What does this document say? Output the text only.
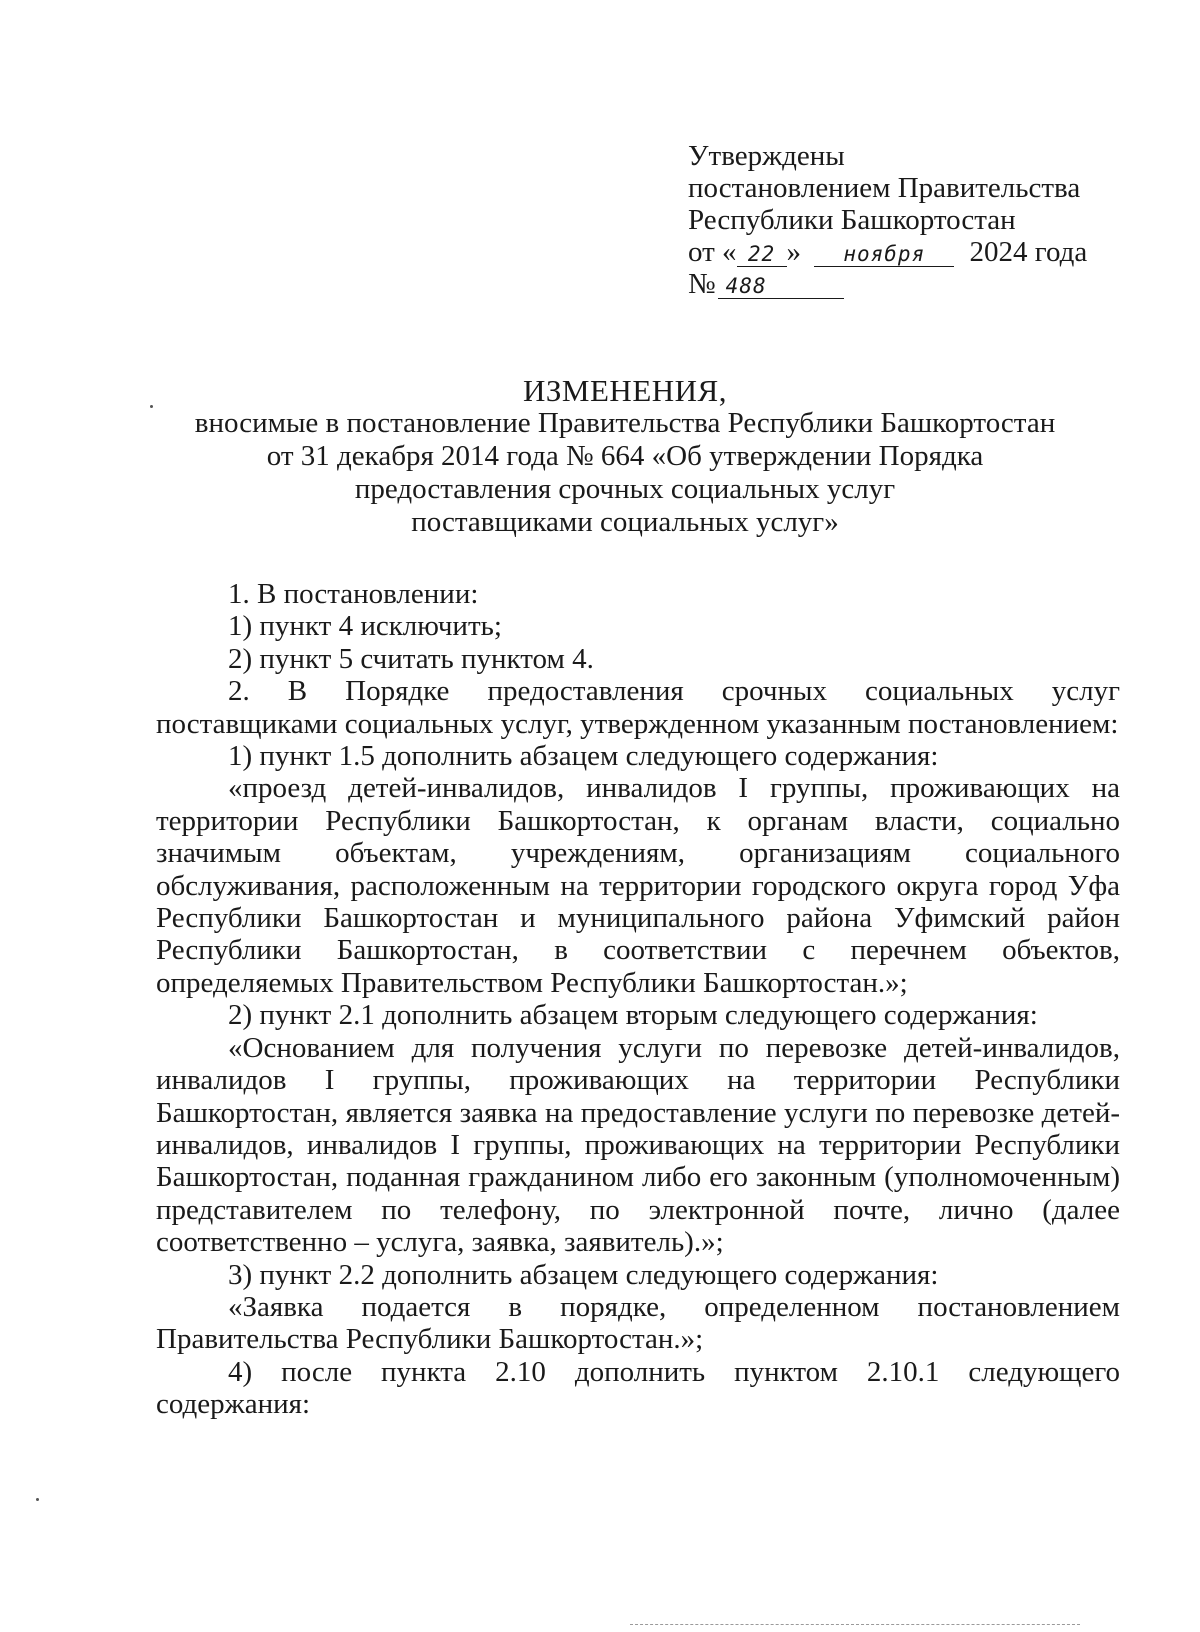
Утверждены
постановлением Правительства
Республики Башкортостан
от « 22 » ноября 2024 года
№ 488
ИЗМЕНЕНИЯ,
вносимые в постановление Правительства Республики Башкортостан
от 31 декабря 2014 года № 664 «Об утверждении Порядка
предоставления срочных социальных услуг
поставщиками социальных услуг»

1. В постановлении:

1) пункт 4 исключить;

2) пункт 5 считать пунктом 4.

2. В Порядке предоставления срочных социальных услуг поставщиками социальных услуг, утвержденном указанным постановлением:

1) пункт 1.5 дополнить абзацем следующего содержания:

«проезд детей-инвалидов, инвалидов I группы, проживающих на территории Республики Башкортостан, к органам власти, социально значимым объектам, учреждениям, организациям социального обслуживания, расположенным на территории городского округа город Уфа Республики Башкортостан и муниципального района Уфимский район Республики Башкортостан, в соответствии с перечнем объектов, определяемых Правительством Республики Башкортостан.»;

2) пункт 2.1 дополнить абзацем вторым следующего содержания:

«Основанием для получения услуги по перевозке детей-инвалидов, инвалидов I группы, проживающих на территории Республики Башкортостан, является заявка на предоставление услуги по перевозке детей-инвалидов, инвалидов I группы, проживающих на территории Республики Башкортостан, поданная гражданином либо его законным (уполномоченным) представителем по телефону, по электронной почте, лично (далее соответственно – услуга, заявка, заявитель).»;

3) пункт 2.2 дополнить абзацем следующего содержания:

«Заявка подается в порядке, определенном постановлением Правительства Республики Башкортостан.»;

4) после пункта 2.10 дополнить пунктом 2.10.1 следующего содержания:
